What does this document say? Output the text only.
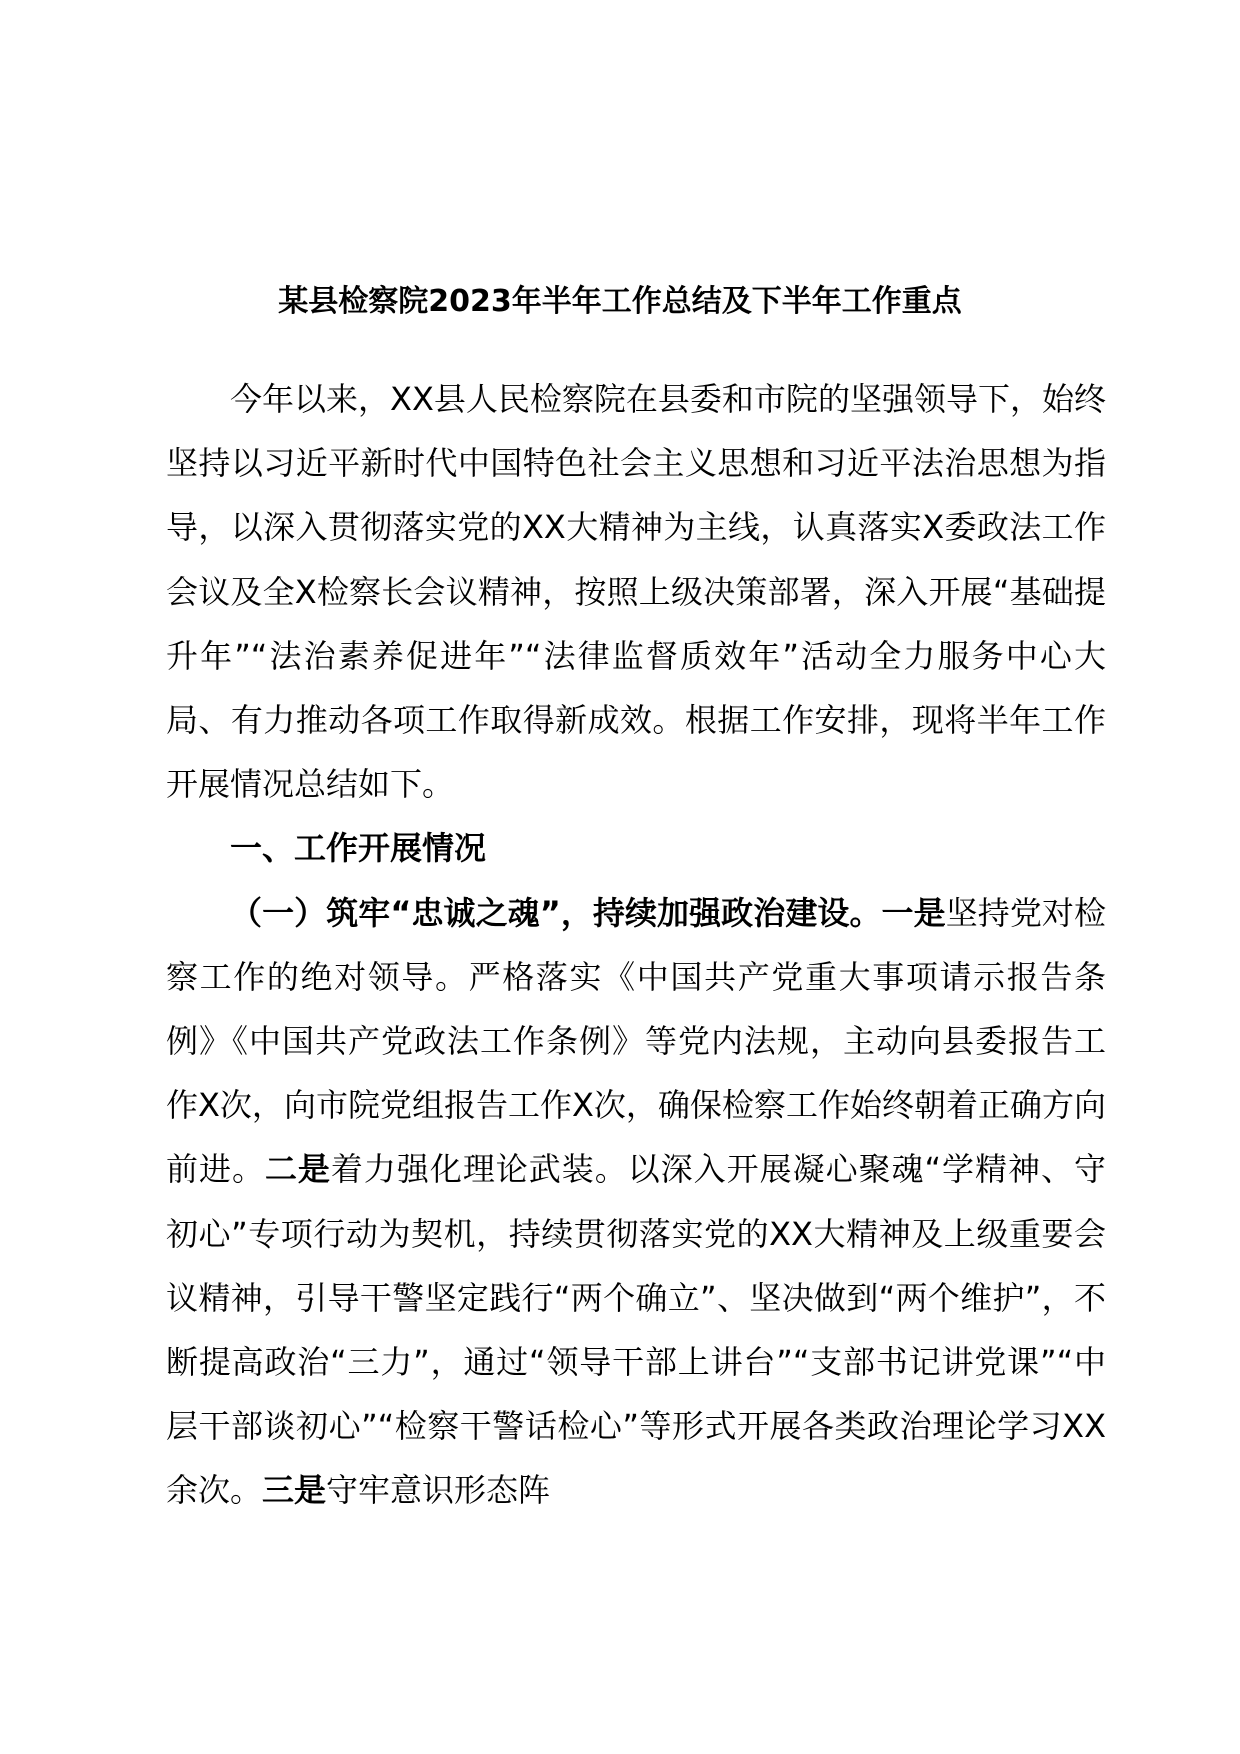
某县检察院2023年半年工作总结及下半年工作重点

今年以来，XX县人民检察院在县委和市院的坚强领导下，始终坚持以习近平新时代中国特色社会主义思想和习近平法治思想为指导，以深入贯彻落实党的XX大精神为主线，认真落实X委政法工作会议及全X检察长会议精神，按照上级决策部署，深入开展“基础提升年”“法治素养促进年”“法律监督质效年”活动全力服务中心大局、有力推动各项工作取得新成效。根据工作安排，现将半年工作开展情况总结如下。

一、工作开展情况

（一）筑牢“忠诚之魂”，持续加强政治建设。一是坚持党对检察工作的绝对领导。严格落实《中国共产党重大事项请示报告条例》《中国共产党政法工作条例》等党内法规，主动向县委报告工作X次，向市院党组报告工作X次，确保检察工作始终朝着正确方向前进。二是着力强化理论武装。以深入开展凝心聚魂“学精神、守初心”专项行动为契机，持续贯彻落实党的XX大精神及上级重要会议精神，引导干警坚定践行“两个确立”、坚决做到“两个维护”，不断提高政治“三力”，通过“领导干部上讲台”“支部书记讲党课”“中层干部谈初心”“检察干警话检心”等形式开展各类政治理论学习XX余次。三是守牢意识形态阵
